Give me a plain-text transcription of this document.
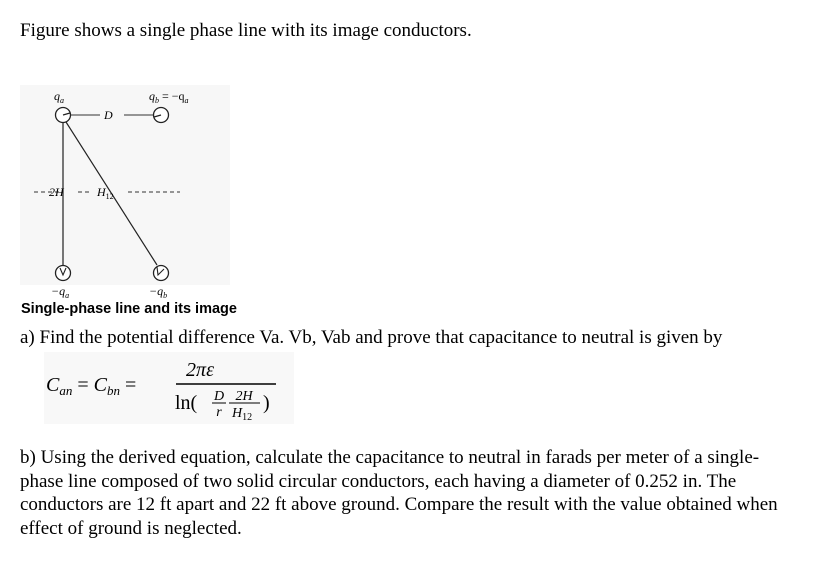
Figure shows a single phase line with its image conductors.
$q_a$	$q_b = -q_a$
D
2H	$H_{12}$
$-q_a$	$-q_b$
Single-phase line and its image
a) Find the potential difference Va. Vb, Vab and prove that capacitance to neutral is given by
$C_{an} = C_{bn}$ =
2πε
ln( D
r
2H
$H_{12}$
)
b) Using the derived equation, calculate the capacitance to neutral in farads per meter of a single-phase line composed of two solid circular conductors, each having a diameter of 0.252 in. The conductors are 12 ft apart and 22 ft above ground. Compare the result with the value obtained when effect of ground is neglected.
